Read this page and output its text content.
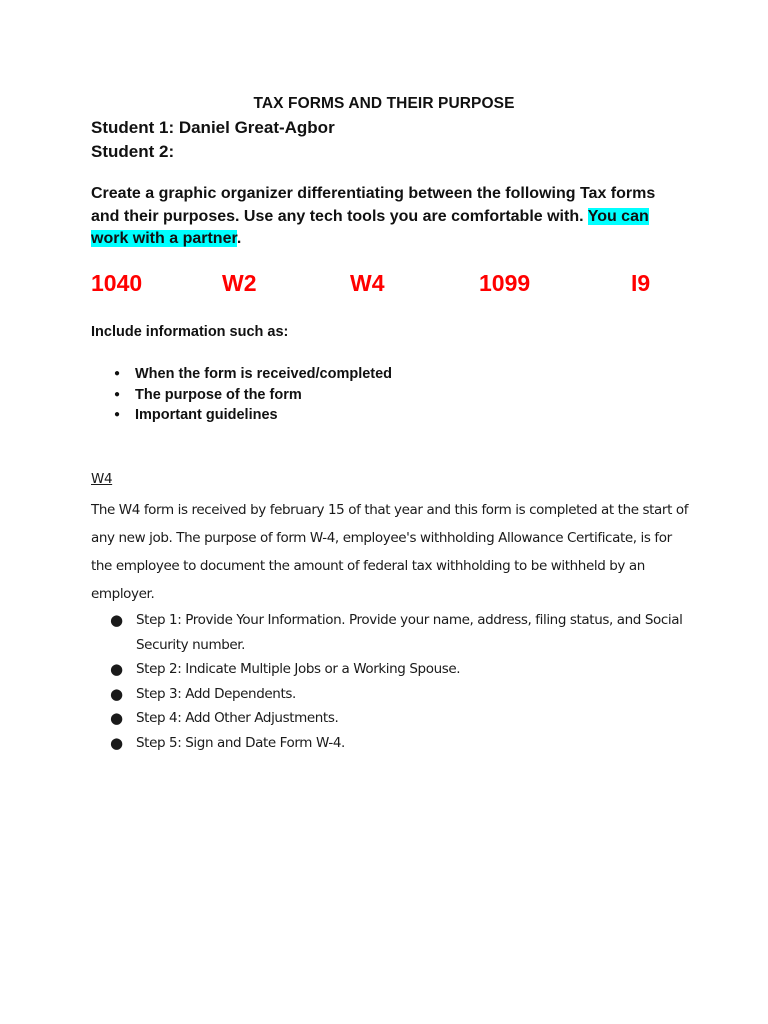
TAX FORMS AND THEIR PURPOSE
Student 1: Daniel Great-Agbor
Student 2:
Create a graphic organizer differentiating between the following Tax forms and their purposes. Use any tech tools you are comfortable with. You can work with a partner.
1040	W2	W4	1099	I9
Include information such as:
● When the form is received/completed
● The purpose of the form
● Important guidelines
W4
The W4 form is received by february 15 of that year and this form is completed at the start of any new job. The purpose of form W-4, employee's withholding Allowance Certificate, is for the employee to document the amount of federal tax withholding to be withheld by an employer.
● Step 1: Provide Your Information. Provide your name, address, filing status, and Social Security number.
● Step 2: Indicate Multiple Jobs or a Working Spouse.
● Step 3: Add Dependents.
● Step 4: Add Other Adjustments.
● Step 5: Sign and Date Form W-4.
